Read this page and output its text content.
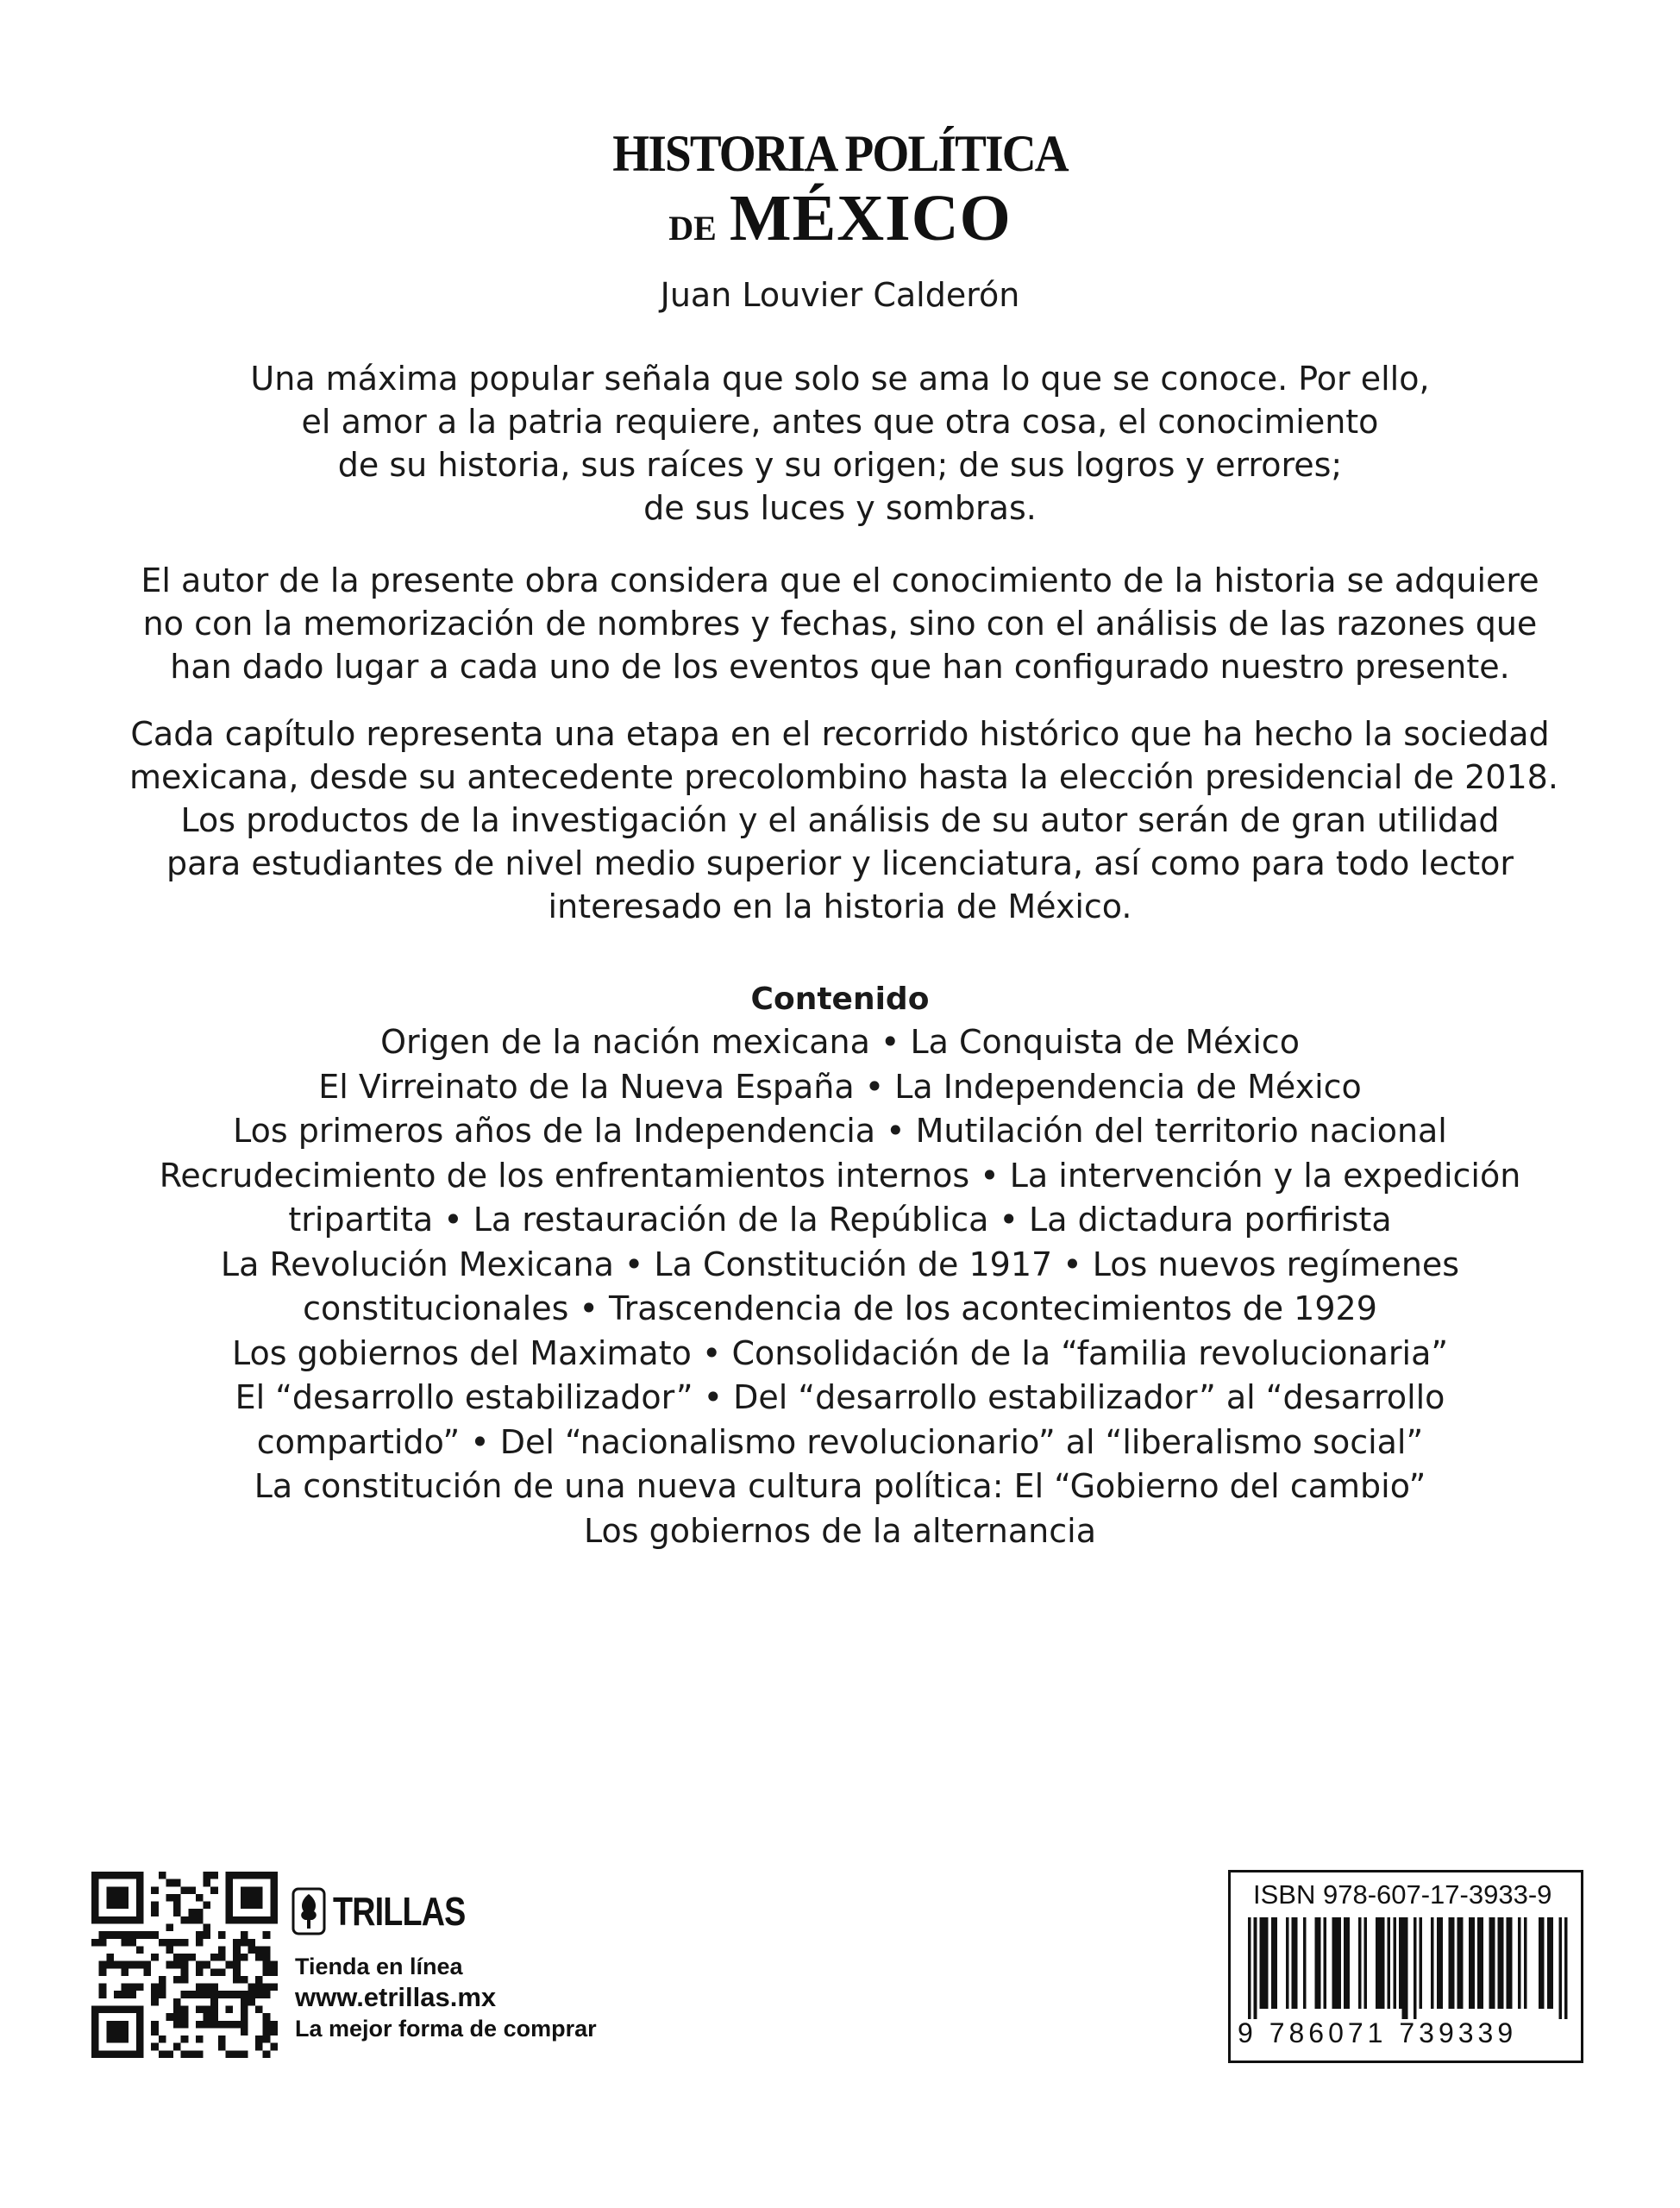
HISTORIA POLÍTICA
DE MÉXICO
Juan Louvier Calderón

Una máxima popular señala que solo se ama lo que se conoce. Por ello,
el amor a la patria requiere, antes que otra cosa, el conocimiento
de su historia, sus raíces y su origen; de sus logros y errores;
de sus luces y sombras.

El autor de la presente obra considera que el conocimiento de la historia se adquiere
no con la memorización de nombres y fechas, sino con el análisis de las razones que
han dado lugar a cada uno de los eventos que han configurado nuestro presente.

Cada capítulo representa una etapa en el recorrido histórico que ha hecho la sociedad
mexicana, desde su antecedente precolombino hasta la elección presidencial de 2018.
Los productos de la investigación y el análisis de su autor serán de gran utilidad
para estudiantes de nivel medio superior y licenciatura, así como para todo lector
interesado en la historia de México.

Contenido
Origen de la nación mexicana • La Conquista de México
El Virreinato de la Nueva España • La Independencia de México
Los primeros años de la Independencia • Mutilación del territorio nacional
Recrudecimiento de los enfrentamientos internos • La intervención y la expedición
tripartita • La restauración de la República • La dictadura porfirista
La Revolución Mexicana • La Constitución de 1917 • Los nuevos regímenes
constitucionales • Trascendencia de los acontecimientos de 1929
Los gobiernos del Maximato • Consolidación de la “familia revolucionaria”
El “desarrollo estabilizador” • Del “desarrollo estabilizador” al “desarrollo
compartido” • Del “nacionalismo revolucionario” al “liberalismo social”
La constitución de una nueva cultura política: El “Gobierno del cambio”
Los gobiernos de la alternancia
TRILLAS
Tienda en línea
www.etrillas.mx
La mejor forma de comprar
ISBN 978-607-17-3933-9
9 786071 739339
